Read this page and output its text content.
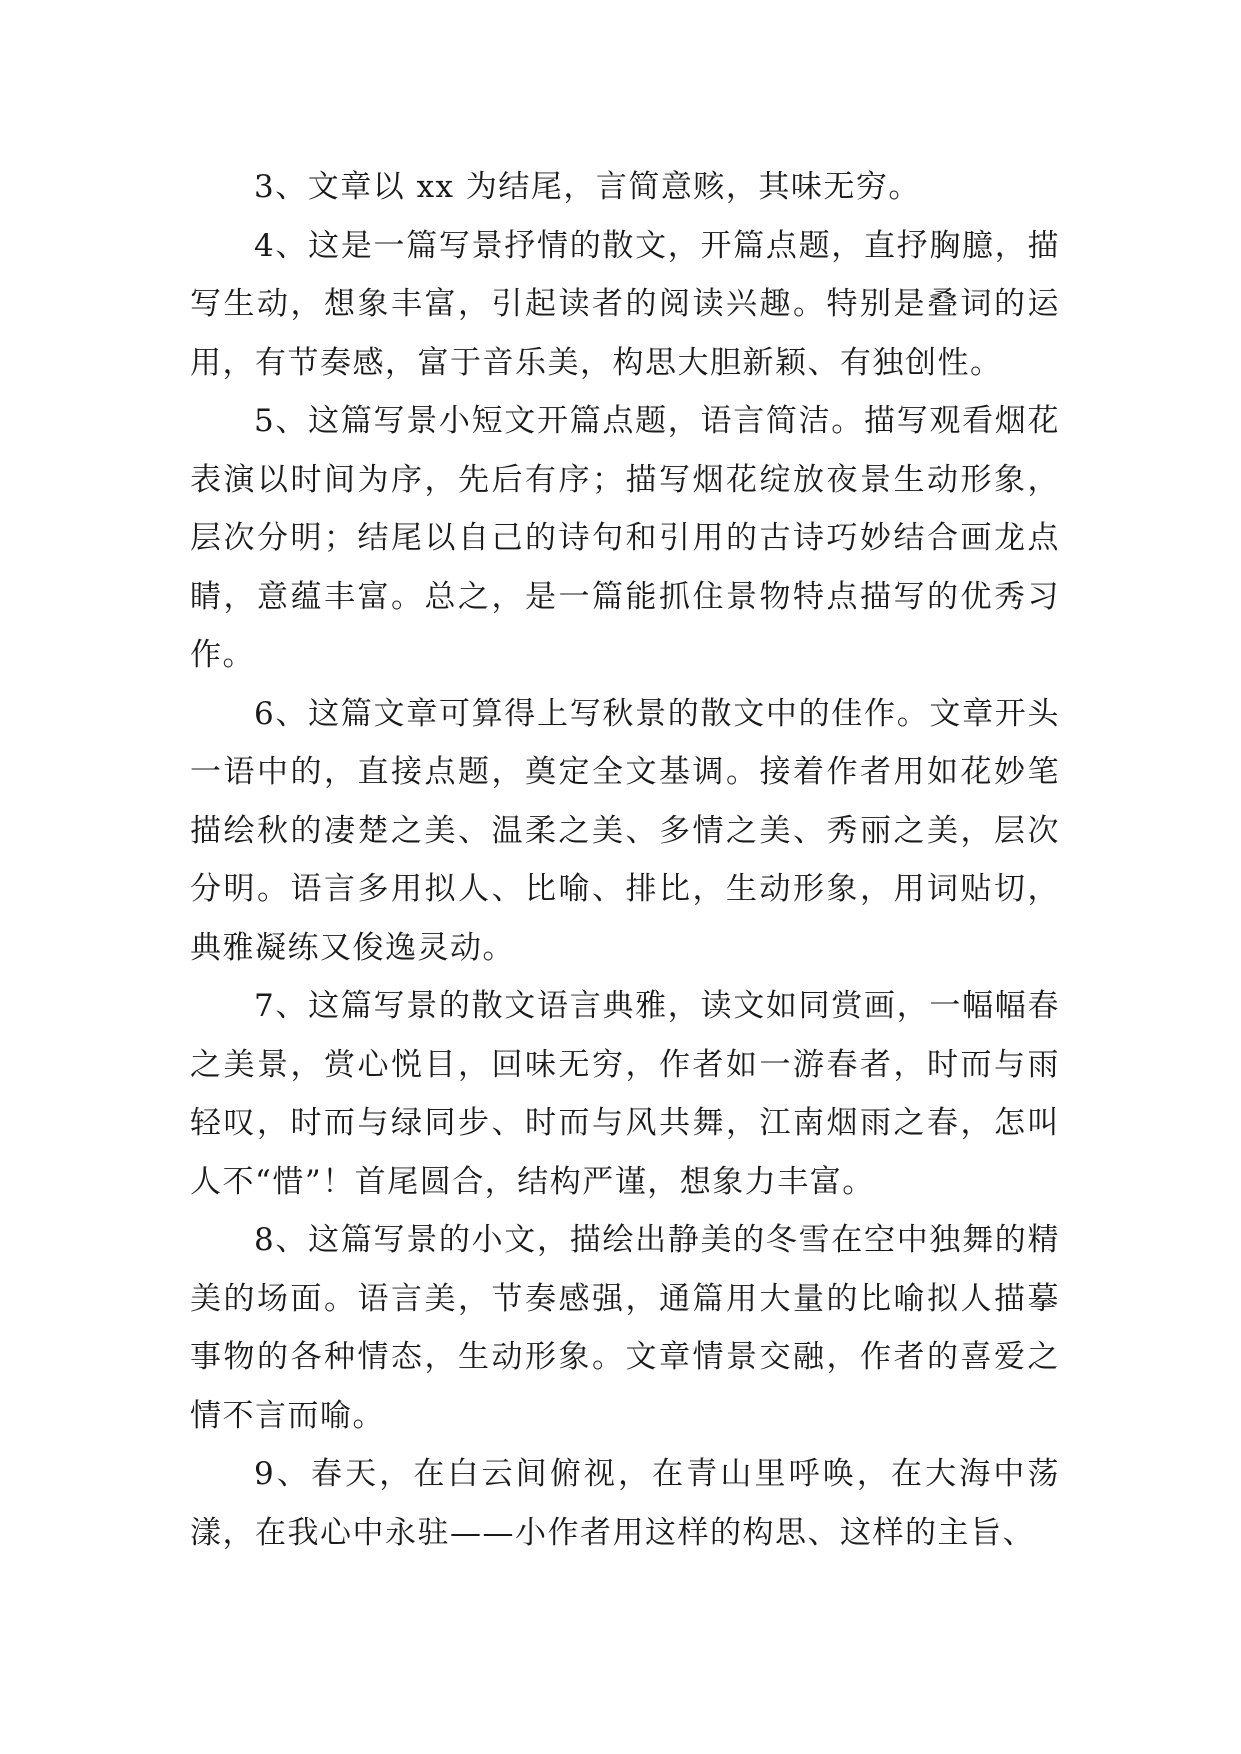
3、文章以 xx 为结尾，言简意赅，其味无穷。

4、这是一篇写景抒情的散文，开篇点题，直抒胸臆，描写生动，想象丰富，引起读者的阅读兴趣。特别是叠词的运用，有节奏感，富于音乐美，构思大胆新颖、有独创性。

5、这篇写景小短文开篇点题，语言简洁。描写观看烟花表演以时间为序，先后有序；描写烟花绽放夜景生动形象，层次分明；结尾以自己的诗句和引用的古诗巧妙结合画龙点睛，意蕴丰富。总之，是一篇能抓住景物特点描写的优秀习作。

6、这篇文章可算得上写秋景的散文中的佳作。文章开头一语中的，直接点题，奠定全文基调。接着作者用如花妙笔描绘秋的凄楚之美、温柔之美、多情之美、秀丽之美，层次分明。语言多用拟人、比喻、排比，生动形象，用词贴切，典雅凝练又俊逸灵动。

7、这篇写景的散文语言典雅，读文如同赏画，一幅幅春之美景，赏心悦目，回味无穷，作者如一游春者，时而与雨轻叹，时而与绿同步、时而与风共舞，江南烟雨之春，怎叫人不“惜”！首尾圆合，结构严谨，想象力丰富。

8、这篇写景的小文，描绘出静美的冬雪在空中独舞的精美的场面。语言美，节奏感强，通篇用大量的比喻拟人描摹事物的各种情态，生动形象。文章情景交融，作者的喜爱之情不言而喻。

9、春天，在白云间俯视，在青山里呼唤，在大海中荡漾，在我心中永驻——小作者用这样的构思、这样的主旨、
